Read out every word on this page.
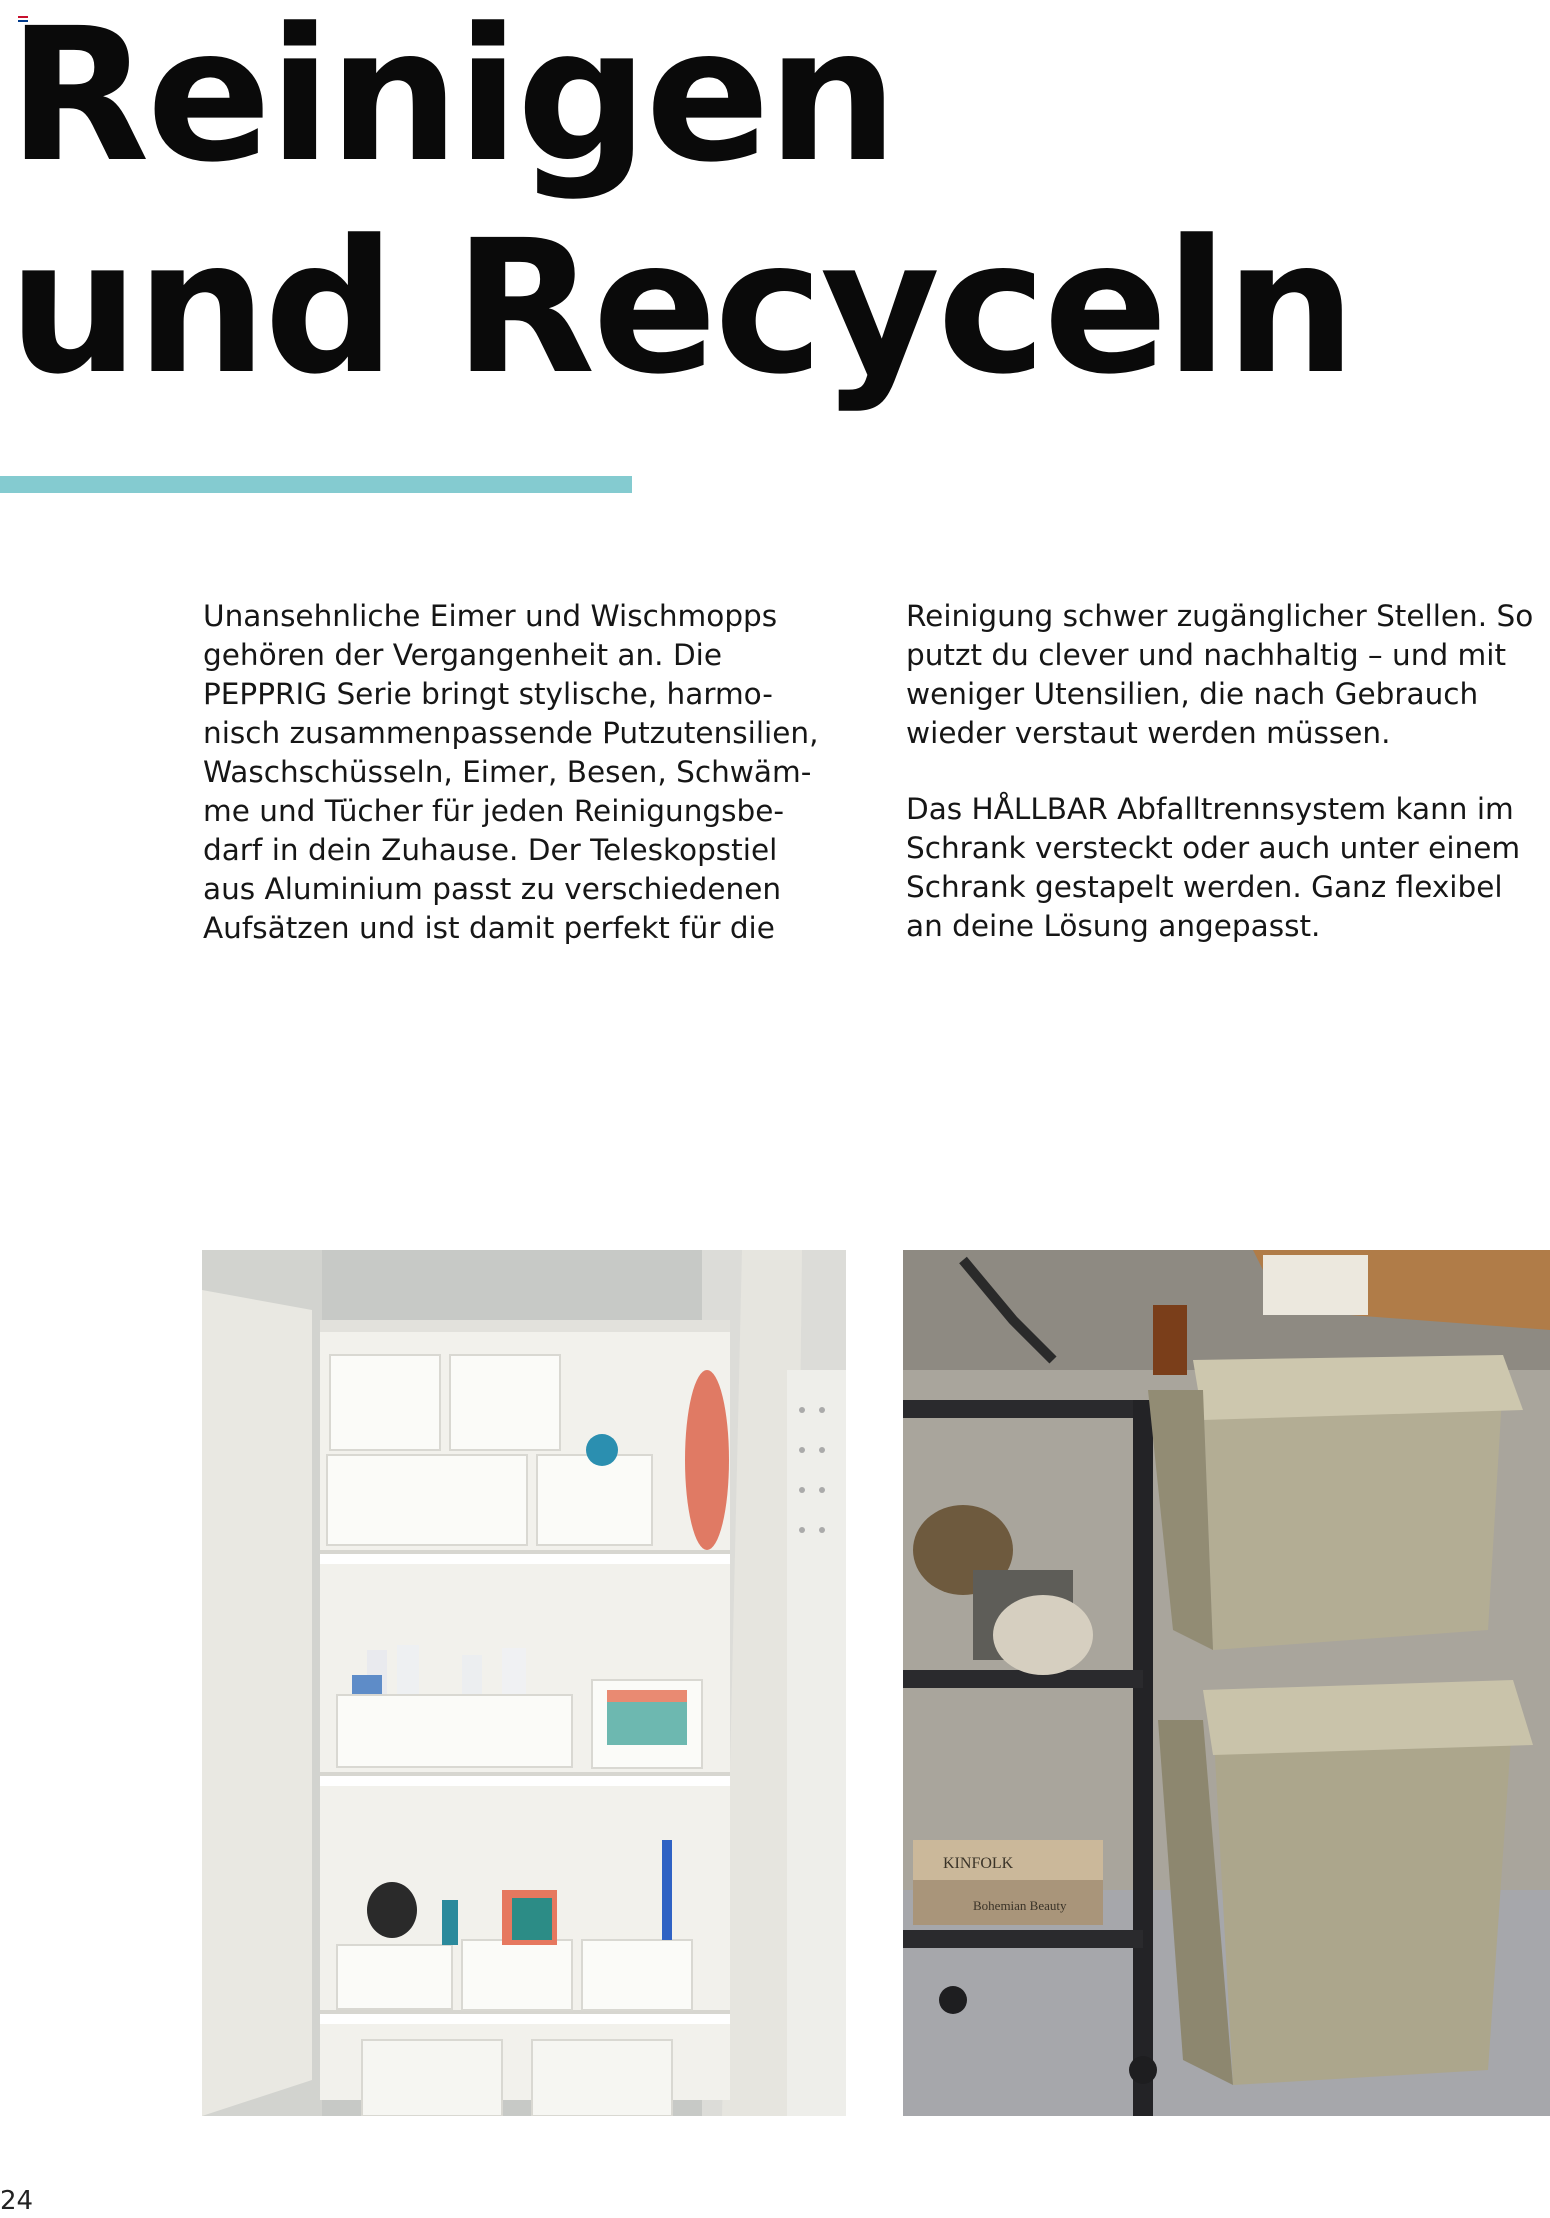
Reinigen
und Recyceln

Unansehnliche Eimer und Wischmopps
gehören der Vergangenheit an. Die
PEPPRIG Serie bringt stylische, harmo-
nisch zusammenpassende Putzutensilien,
Waschschüsseln, Eimer, Besen, Schwäm-
me und Tücher für jeden Reinigungsbe-
darf in dein Zuhause. Der Teleskopstiel
aus Aluminium passt zu verschiedenen
Aufsätzen und ist damit perfekt für die

Reinigung schwer zugänglicher Stellen. So
putzt du clever und nachhaltig – und mit
weniger Utensilien, die nach Gebrauch
wieder verstaut werden müssen.

Das HÅLLBAR Abfalltrennsystem kann im
Schrank versteckt oder auch unter einem
Schrank gestapelt werden. Ganz flexibel
an deine Lösung angepasst.

KINFOLK
Bohemian Beauty
24
